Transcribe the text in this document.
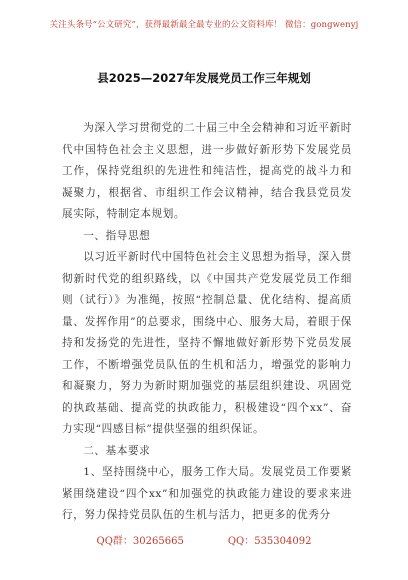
关注头条号“公文研究”，获得最新最全最专业的公文资料库！ 微信：gongwenyj
县2025—2027年发展党员工作三年规划

为深入学习贯彻党的二十届三中全会精神和习近平新时代中国特色社会主义思想，进一步做好新形势下发展党员工作，保持党组织的先进性和纯洁性，提高党的战斗力和凝聚力，根据省、市组织工作会议精神，结合我县党员发展实际，特制定本规划。

一、指导思想

以习近平新时代中国特色社会主义思想为指导，深入贯彻新时代党的组织路线，以《中国共产党发展党员工作细则（试行）》为准绳，按照“控制总量、优化结构、提高质量、发挥作用”的总要求，围绕中心、服务大局，着眼于保持和发扬党的先进性，坚持不懈地做好新形势下党员发展工作，不断增强党员队伍的生机和活力，增强党的影响力和凝聚力，努力为新时期加强党的基层组织建设、巩固党的执政基础、提高党的执政能力，积极建设“四个xx”、奋力实现“四感目标”提供坚强的组织保证。

二、基本要求

1、坚持围绕中心，服务工作大局。发展党员工作要紧紧围绕建设“四个xx”和加强党的执政能力建设的要求来进行，努力保持党员队伍的生机与活力，把更多的优秀分

QQ群：30265665	QQ：535304092
